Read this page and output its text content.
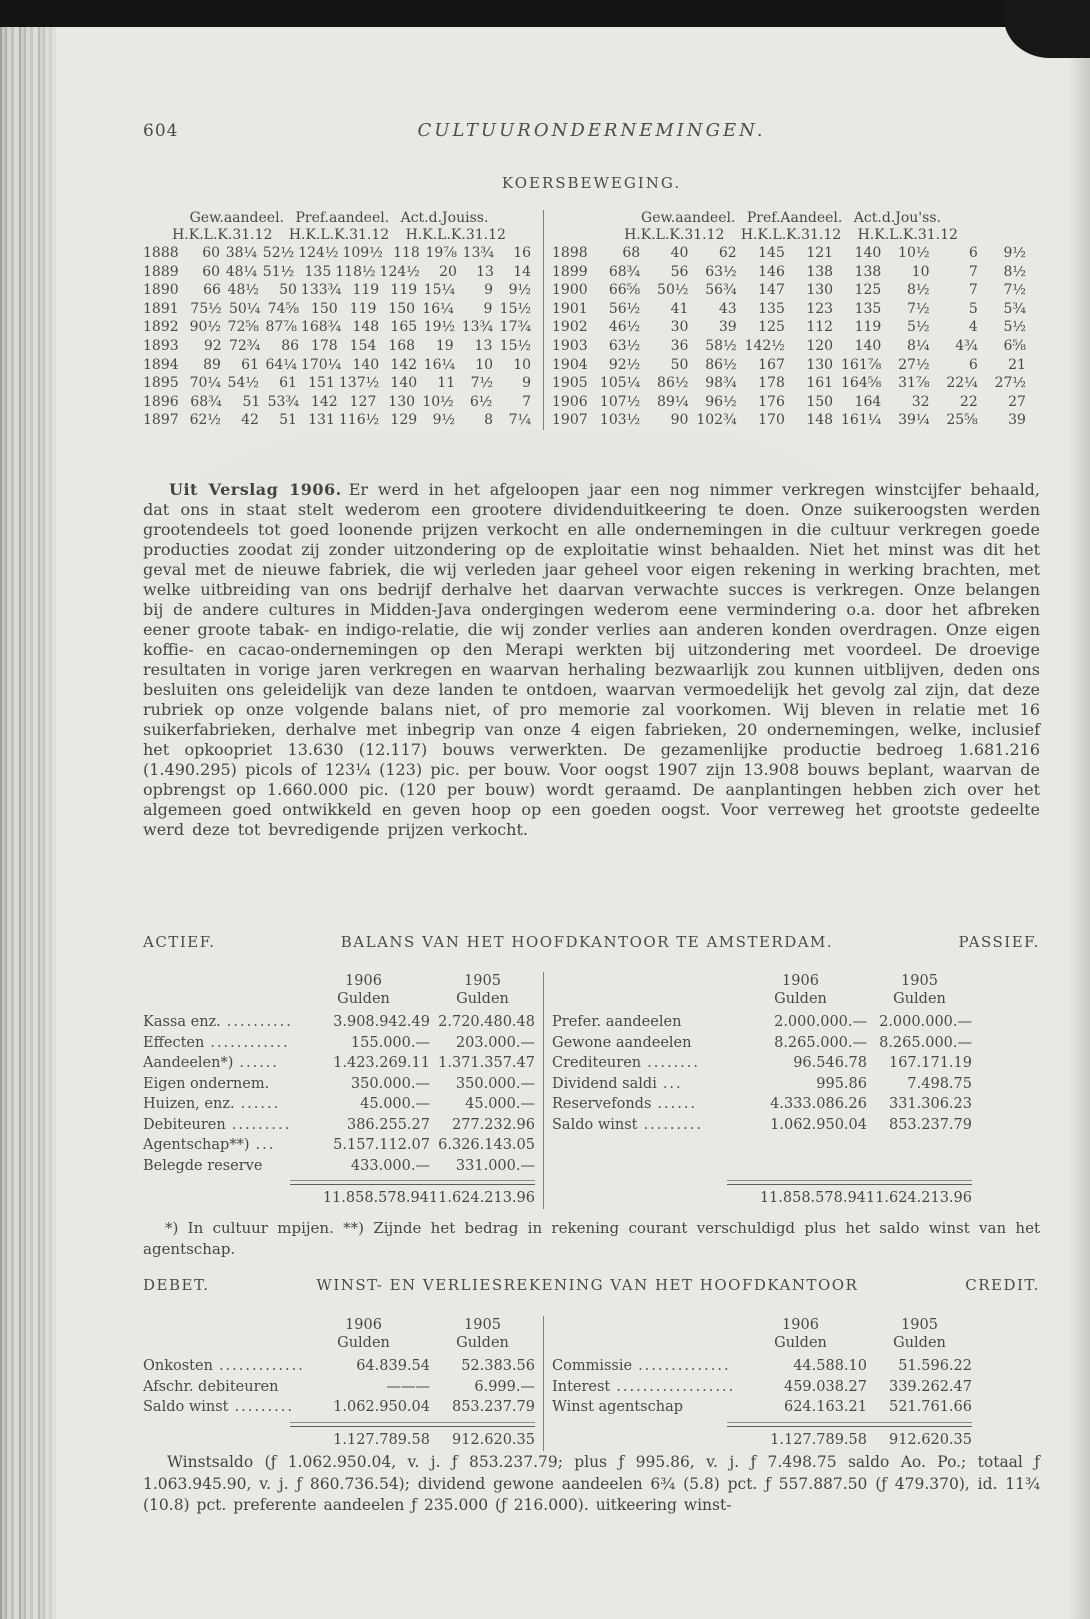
604	CULTUURONDERNEMINGEN.
KOERSBEWEGING.
Gew.aandeel. Pref.aandeel. Act.d.Jouiss.
H.K.L.K.31.12 H.K.L.K.31.12 H.K.L.K.31.12
1888	60 38¼ 52½ 124½ 109½ 118 19⅞ 13¾	16
1889	60 48¼ 51½ 135 118½ 124½	20	13	14
1890	66 48½	50 133¾ 119 119 15¼	9	9½
1891 75½ 50¼ 74⅝ 150 119 150 16¼	9 15½
1892 90½ 72⅝ 87⅞ 168¾ 148 165 19½ 13¾ 17¾
1893	92 72¾	86 178 154 168	19	13 15½
1894	89	61 64¼ 170¼ 140 142 16¼	10	10
1895 70¼ 54½	61 151 137½ 140	11	7½	9
1896 68¾	51 53¾ 142 127 130 10½	6½	7
1897 62½	42	51 131 116½ 129	9½	8	7¼
Gew.aandeel. Pref.Aandeel. Act.d.Jou'ss.
H.K.L.K.31.12 H.K.L.K.31.12 H.K.L.K.31.12
1898	68	40	62	145	121	140	10½	6	9½
1899	68¾	56	63½	146	138	138	10	7	8½
1900	66⅝	50½	56¾	147	130	125	8½	7	7½
1901	56½	41	43	135	123	135	7½	5	5¾
1902	46½	30	39	125	112	119	5½	4	5½
1903	63½	36	58½ 142½	120	140	8¼	4¾	6⅝
1904	92½	50	86½	167	130 161⅞	27½	6	21
1905 105¼	86½	98¾	178	161 164⅝	31⅞	22¼	27½
1906 107½	89¼	96½	176	150	164	32	22	27
1907 103½	90 102¾	170	148 161¼	39¼	25⅝	39

Uit Verslag 1906. Er werd in het afgeloopen jaar een nog nimmer verkregen winstcijfer behaald, dat ons in staat stelt wederom een grootere dividenduitkeering te doen. Onze suikeroogsten werden grootendeels tot goed loonende prijzen verkocht en alle ondernemingen in die cultuur verkregen goede producties zoodat zij zonder uitzondering op de exploitatie winst behaalden. Niet het minst was dit het geval met de nieuwe fabriek, die wij verleden jaar geheel voor eigen rekening in werking brachten, met welke uitbreiding van ons bedrijf derhalve het daarvan verwachte succes is verkregen. Onze belangen bij de andere cultures in Midden-Java ondergingen wederom eene vermindering o.a. door het afbreken eener groote tabak- en indigo-relatie, die wij zonder verlies aan anderen konden overdragen. Onze eigen koffie- en cacao-ondernemingen op den Merapi werkten bij uitzondering met voordeel. De droevige resultaten in vorige jaren verkregen en waarvan herhaling bezwaarlijk zou kunnen uitblijven, deden ons besluiten ons geleidelijk van deze landen te ontdoen, waarvan vermoedelijk het gevolg zal zijn, dat deze rubriek op onze volgende balans niet, of pro memorie zal voorkomen. Wij bleven in relatie met 16 suikerfabrieken, derhalve met inbegrip van onze 4 eigen fabrieken, 20 ondernemingen, welke, inclusief het opkoopriet 13.630 (12.117) bouws verwerkten. De gezamenlijke productie bedroeg 1.681.216 (1.490.295) picols of 123¼ (123) pic. per bouw. Voor oogst 1907 zijn 13.908 bouws beplant, waarvan de opbrengst op 1.660.000 pic. (120 per bouw) wordt geraamd. De aanplantingen hebben zich over het algemeen goed ontwikkeld en geven hoop op een goeden oogst. Voor verreweg het grootste gedeelte werd deze tot bevredigende prijzen verkocht.

ACTIEF.	BALANS VAN HET HOOFDKANTOOR TE AMSTERDAM.	PASSIEF.
1906	1905
Gulden	Gulden
Kassa enz. ..........	3.908.942.49 2.720.480.48
Effecten ............	155.000.—	203.000.—
Aandeelen*) ......	1.423.269.11 1.371.357.47
Eigen ondernem.	350.000.—	350.000.—
Huizen, enz. ......	45.000.—	45.000.—
Debiteuren .........	386.255.27	277.232.96
Agentschap**) ...	5.157.112.07 6.326.143.05
Belegde reserve	433.000.—	331.000.—
11.858.578.94 11.624.213.96
1906	1905
Gulden	Gulden
Prefer. aandeelen	2.000.000.— 2.000.000.—
Gewone aandeelen	8.265.000.— 8.265.000.—
Crediteuren ........	96.546.78	167.171.19
Dividend saldi ...	995.86	7.498.75
Reservefonds ......	4.333.086.26	331.306.23
Saldo winst .........	1.062.950.04	853.237.79
11.858.578.94 11.624.213.96

*) In cultuur mpijen. **) Zijnde het bedrag in rekening courant verschuldigd plus het saldo winst van het agentschap.

DEBET.	WINST- EN VERLIESREKENING VAN HET HOOFDKANTOOR	CREDIT.
1906	1905
Gulden	Gulden
Onkosten .............	64.839.54	52.383.56
Afschr. debiteuren	———	6.999.—
Saldo winst .........	1.062.950.04	853.237.79
1.127.789.58	912.620.35
1906	1905
Gulden	Gulden
Commissie ..............	44.588.10	51.596.22
Interest ..................	459.038.27	339.262.47
Winst agentschap	624.163.21	521.761.66
1.127.789.58	912.620.35

Winstsaldo (ƒ 1.062.950.04, v. j. ƒ 853.237.79; plus ƒ 995.86, v. j. ƒ 7.498.75 saldo Ao. Po.; totaal ƒ 1.063.945.90, v. j. ƒ 860.736.54); dividend gewone aandeelen 6¾ (5.8) pct. ƒ 557.887.50 (ƒ 479.370), id. 11¾ (10.8) pct. preferente aandeelen ƒ 235.000 (ƒ 216.000). uitkeering winst-
